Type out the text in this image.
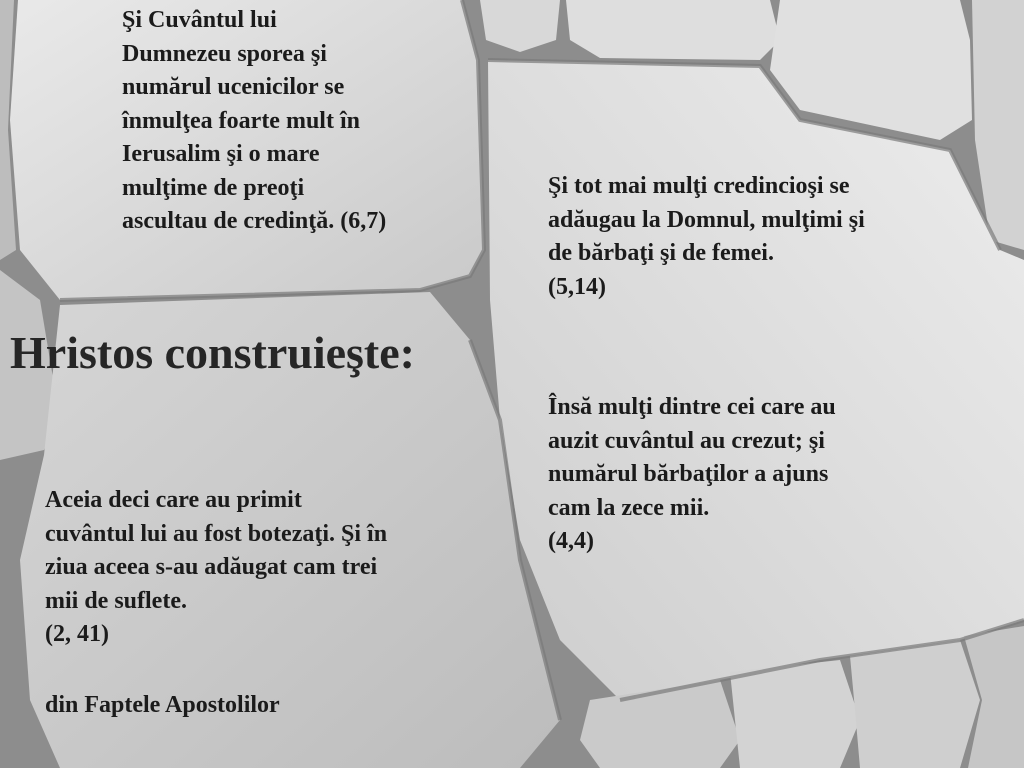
Hristos construieşte:
Şi Cuvântul lui
Dumnezeu sporea şi
numărul ucenicilor se
înmulţea foarte mult în
Ierusalim şi o mare
mulţime de preoţi
ascultau de credinţă. (6,7)
Şi tot mai mulţi credincioşi se
adăugau la Domnul, mulţimi şi
de bărbaţi şi de femei.
(5,14)
Însă mulţi dintre cei care au
auzit cuvântul au crezut; şi
numărul bărbaţilor a ajuns
cam la zece mii.
(4,4)
Aceia deci care au primit
cuvântul lui au fost botezaţi. Şi în
ziua aceea s-au adăugat cam trei
mii de suflete.
(2, 41)
din Faptele Apostolilor
